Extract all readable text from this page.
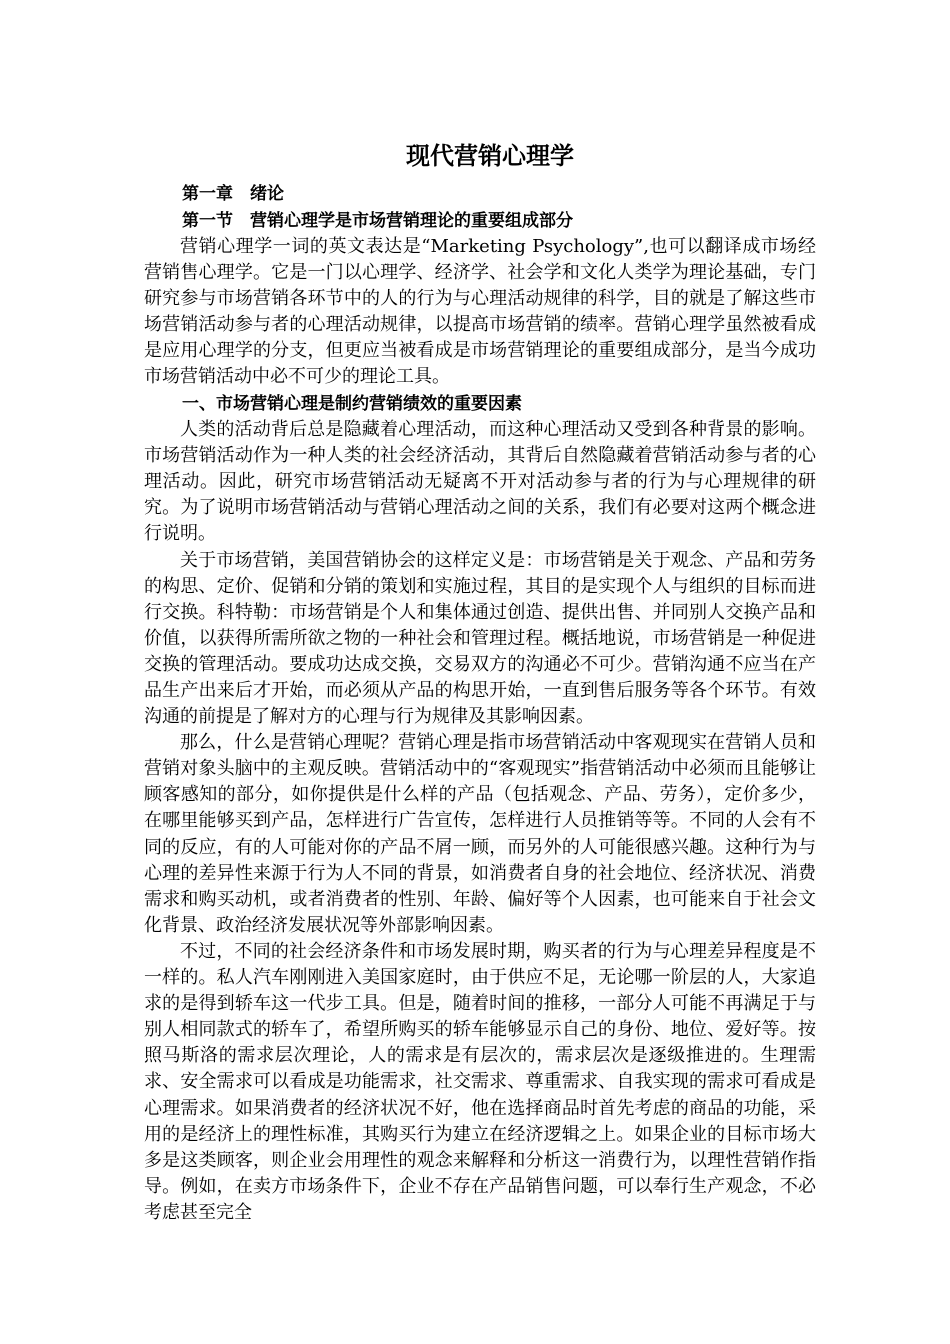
现代营销心理学
第一章　绪论
第一节　营销心理学是市场营销理论的重要组成部分

营销心理学一词的英文表达是“Marketing Psychology”,也可以翻译成市场经营销售心理学。它是一门以心理学、经济学、社会学和文化人类学为理论基础，专门研究参与市场营销各环节中的人的行为与心理活动规律的科学，目的就是了解这些市场营销活动参与者的心理活动规律，以提高市场营销的绩率。营销心理学虽然被看成是应用心理学的分支，但更应当被看成是市场营销理论的重要组成部分，是当今成功市场营销活动中必不可少的理论工具。

一、市场营销心理是制约营销绩效的重要因素

人类的活动背后总是隐藏着心理活动，而这种心理活动又受到各种背景的影响。市场营销活动作为一种人类的社会经济活动，其背后自然隐藏着营销活动参与者的心理活动。因此，研究市场营销活动无疑离不开对活动参与者的行为与心理规律的研究。为了说明市场营销活动与营销心理活动之间的关系，我们有必要对这两个概念进行说明。

关于市场营销，美国营销协会的这样定义是：市场营销是关于观念、产品和劳务的构思、定价、促销和分销的策划和实施过程，其目的是实现个人与组织的目标而进行交换。科特勒：市场营销是个人和集体通过创造、提供出售、并同别人交换产品和价值，以获得所需所欲之物的一种社会和管理过程。概括地说，市场营销是一种促进交换的管理活动。要成功达成交换，交易双方的沟通必不可少。营销沟通不应当在产品生产出来后才开始，而必须从产品的构思开始，一直到售后服务等各个环节。有效沟通的前提是了解对方的心理与行为规律及其影响因素。

那么，什么是营销心理呢？营销心理是指市场营销活动中客观现实在营销人员和营销对象头脑中的主观反映。营销活动中的“客观现实”指营销活动中必须而且能够让顾客感知的部分，如你提供是什么样的产品（包括观念、产品、劳务），定价多少，在哪里能够买到产品，怎样进行广告宣传，怎样进行人员推销等等。不同的人会有不同的反应，有的人可能对你的产品不屑一顾，而另外的人可能很感兴趣。这种行为与心理的差异性来源于行为人不同的背景，如消费者自身的社会地位、经济状况、消费需求和购买动机，或者消费者的性别、年龄、偏好等个人因素，也可能来自于社会文化背景、政治经济发展状况等外部影响因素。

不过，不同的社会经济条件和市场发展时期，购买者的行为与心理差异程度是不一样的。私人汽车刚刚进入美国家庭时，由于供应不足，无论哪一阶层的人，大家追求的是得到轿车这一代步工具。但是，随着时间的推移，一部分人可能不再满足于与别人相同款式的轿车了，希望所购买的轿车能够显示自己的身份、地位、爱好等。按照马斯洛的需求层次理论，人的需求是有层次的，需求层次是逐级推进的。生理需求、安全需求可以看成是功能需求，社交需求、尊重需求、自我实现的需求可看成是心理需求。如果消费者的经济状况不好，他在选择商品时首先考虑的商品的功能，采用的是经济上的理性标准，其购买行为建立在经济逻辑之上。如果企业的目标市场大多是这类顾客，则企业会用理性的观念来解释和分析这一消费行为，以理性营销作指导。例如，在卖方市场条件下，企业不存在产品销售问题，可以奉行生产观念，不必考虑甚至完全
